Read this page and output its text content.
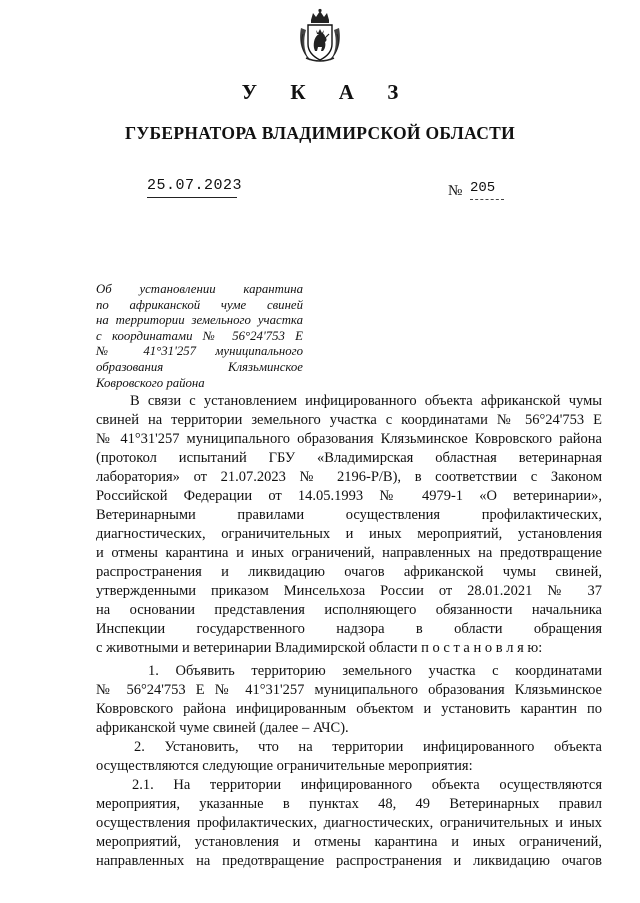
У К А З
ГУБЕРНАТОРА ВЛАДИМИРСКОЙ ОБЛАСТИ
25.07.2023	№ 205
Об установлении карантина
по африканской чуме свиней
на территории земельного участка
с координатами № 56°24'753 Е
№ 41°31'257 муниципального
образования Клязьминское
Ковровского района
В связи с установлением инфицированного объекта африканской чумы
свиней на территории земельного участка с координатами № 56°24'753 Е
№ 41°31'257 муниципального образования Клязьминское Ковровского района
(протокол испытаний ГБУ «Владимирская областная ветеринарная
лаборатория» от 21.07.2023 № 2196-Р/В), в соответствии с Законом
Российской Федерации от 14.05.1993 № 4979-1 «О ветеринарии»,
Ветеринарными правилами осуществления профилактических,
диагностических, ограничительных и иных мероприятий, установления
и отмены карантина и иных ограничений, направленных на предотвращение
распространения и ликвидацию очагов африканской чумы свиней,
утвержденными приказом Минсельхоза России от 28.01.2021 № 37
на основании представления исполняющего обязанности начальника
Инспекции государственного надзора в области обращения
с животными и ветеринарии Владимирской области п о с т а н о в л я ю:
1. Объявить территорию земельного участка с координатами
№ 56°24'753 Е № 41°31'257 муниципального образования Клязьминское
Ковровского района инфицированным объектом и установить карантин по
африканской чуме свиней (далее – АЧС).
2. Установить, что на территории инфицированного объекта
осуществляются следующие ограничительные мероприятия:
2.1. На территории инфицированного объекта осуществляются
мероприятия, указанные в пунктах 48, 49 Ветеринарных правил
осуществления профилактических, диагностических, ограничительных и иных
мероприятий, установления и отмены карантина и иных ограничений,
направленных на предотвращение распространения и ликвидацию очагов
